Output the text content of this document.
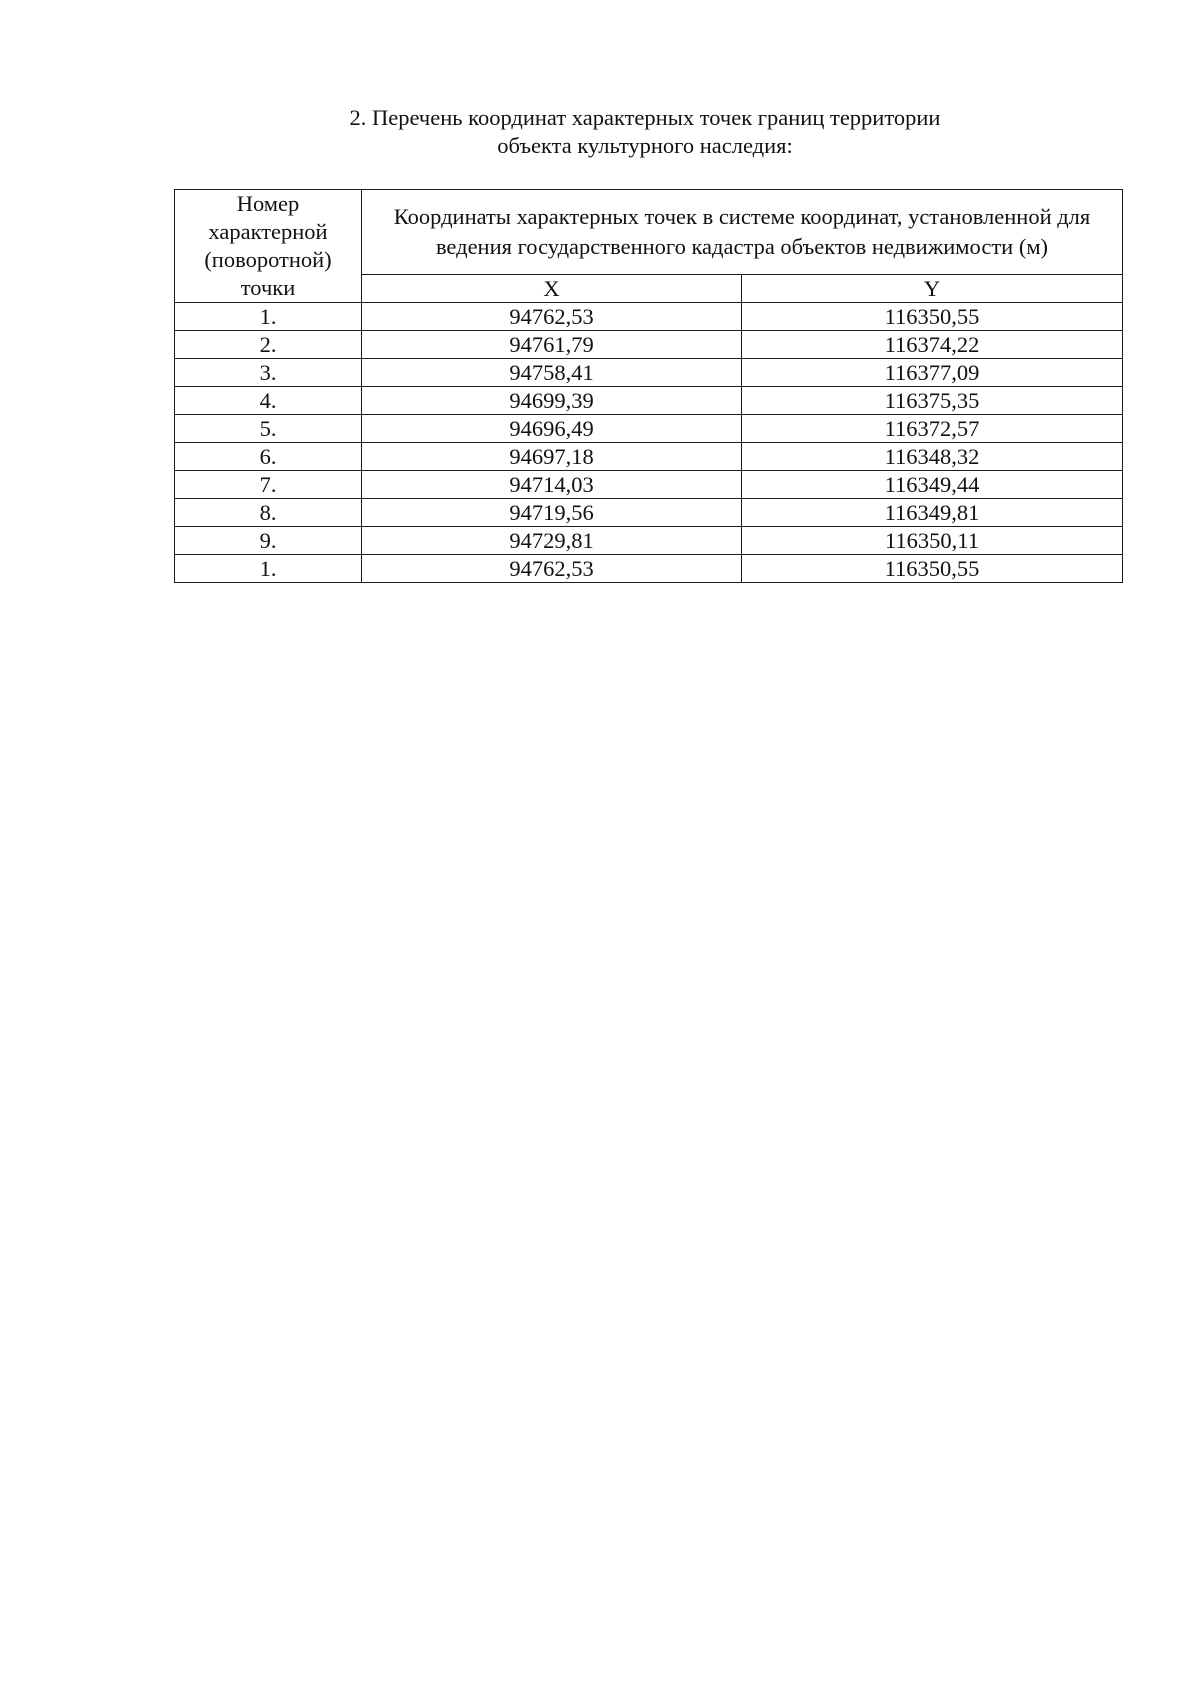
2. Перечень координат характерных точек границ территории
объекта культурного наследия:
Номер
характерной
(поворотной)
точки	Координаты характерных точек в системе координат, установленной для ведения государственного кадастра объектов недвижимости (м)	
	X	Y
1.	94762,53	116350,55
2.	94761,79	116374,22
3.	94758,41	116377,09
4.	94699,39	116375,35
5.	94696,49	116372,57
6.	94697,18	116348,32
7.	94714,03	116349,44
8.	94719,56	116349,81
9.	94729,81	116350,11
1.	94762,53	116350,55
